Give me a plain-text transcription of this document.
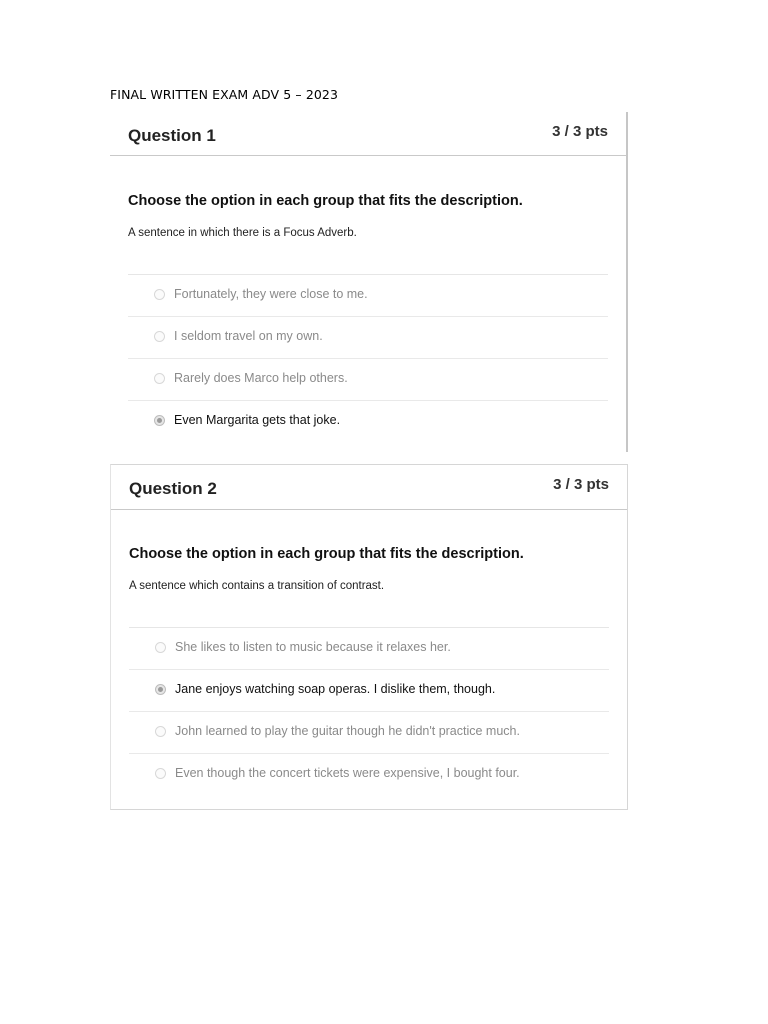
FINAL WRITTEN EXAM ADV 5 – 2023
Question 1	3 / 3 pts
Choose the option in each group that fits the description.
A sentence in which there is a Focus Adverb.
Fortunately, they were close to me.
I seldom travel on my own.
Rarely does Marco help others.
Even Margarita gets that joke.
Question 2	3 / 3 pts
Choose the option in each group that fits the description.
A sentence which contains a transition of contrast.
She likes to listen to music because it relaxes her.
Jane enjoys watching soap operas. I dislike them, though.
John learned to play the guitar though he didn't practice much.
Even though the concert tickets were expensive, I bought four.
